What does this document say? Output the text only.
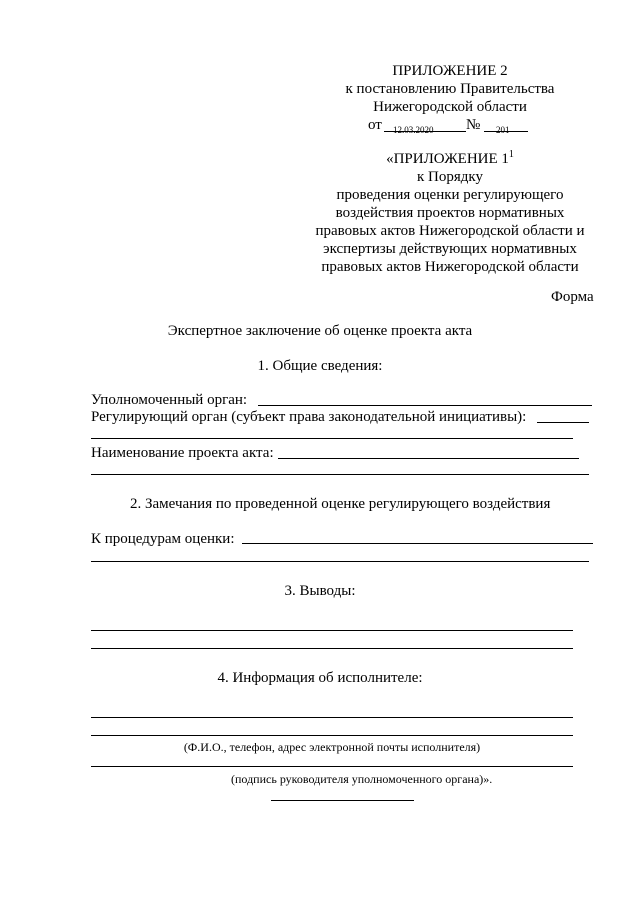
ПРИЛОЖЕНИЕ 2
к постановлению Правительства
Нижегородской области
от 12.03.2020 № 201
«ПРИЛОЖЕНИЕ $1^1$
к Порядку
проведения оценки регулирующего
воздействия проектов нормативных
правовых актов Нижегородской области и
экспертизы действующих нормативных
правовых актов Нижегородской области
Форма
Экспертное заключение об оценке проекта акта
1. Общие сведения:
Уполномоченный орган:
Регулирующий орган (субъект права законодательной инициативы):
Наименование проекта акта:
2. Замечания по проведенной оценке регулирующего воздействия
К процедурам оценки:
3. Выводы:
4. Информация об исполнителе:
(Ф.И.О., телефон, адрес электронной почты исполнителя)
(подпись руководителя уполномоченного органа)».
